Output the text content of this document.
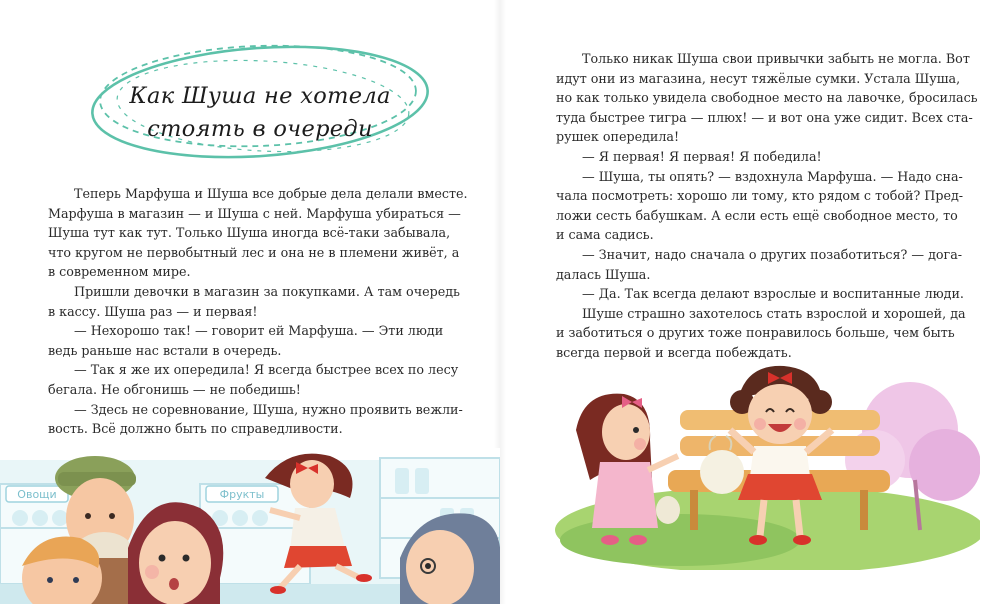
Как Шуша не хотела
стоять в очереди
Теперь Марфуша и Шуша все добрые дела делали вместе.
Марфуша в магазин — и Шуша с ней. Марфуша убираться —
Шуша тут как тут. Только Шуша иногда всё-таки забывала,
что кругом не первобытный лес и она не в племени живёт, а
в современном мире.
Пришли девочки в магазин за покупками. А там очередь
в кассу. Шуша раз — и первая!
— Нехорошо так! — говорит ей Марфуша. — Эти люди
ведь раньше нас встали в очередь.
— Так я же их опередила! Я всегда быстрее всех по лесу
бегала. Не обгонишь — не победишь!
— Здесь не соревнование, Шуша, нужно проявить вежли-
вость. Всё должно быть по справедливости.
Только никак Шуша свои привычки забыть не могла. Вот
идут они из магазина, несут тяжёлые сумки. Устала Шуша,
но как только увидела свободное место на лавочке, бросилась
туда быстрее тигра — плюх! — и вот она уже сидит. Всех ста-
рушек опередила!
— Я первая! Я первая! Я победила!
— Шуша, ты опять? — вздохнула Марфуша. — Надо сна-
чала посмотреть: хорошо ли тому, кто рядом с тобой? Пред-
ложи сесть бабушкам. А если есть ещё свободное место, то
и сама садись.
— Значит, надо сначала о других позаботиться? — дога-
далась Шуша.
— Да. Так всегда делают взрослые и воспитанные люди.
Шуше страшно захотелось стать взрослой и хорошей, да
и заботиться о других тоже понравилось больше, чем быть
всегда первой и всегда побеждать.
Овощи	Фрукты
